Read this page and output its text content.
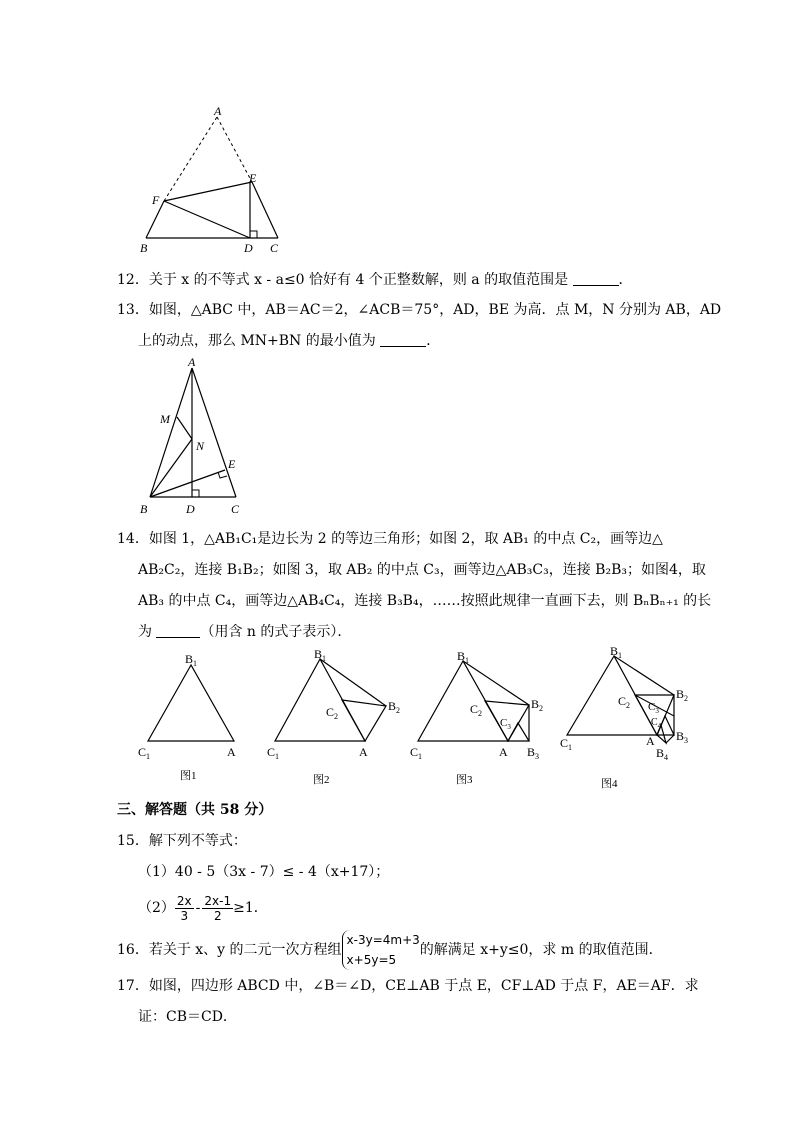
A
E
F
B	D C
12．关于 x 的不等式 x - a≤0 恰好有 4 个正整数解，则 a 的取值范围是	．
13．如图，△ABC 中，AB＝AC＝2，∠ACB＝75°，AD，BE 为高．点 M，N 分别为 AB，AD
上的动点，那么 MN+BN 的最小值为	．
A
M
N
E
B	D	C
14．如图 1，△AB₁C₁是边长为 2 的等边三角形；如图 2，取 AB₁ 的中点 C₂，画等边△
AB₂C₂，连接 B₁B₂；如图 3，取 AB₂ 的中点 C₃，画等边△AB₃C₃，连接 B₂B₃；如图4，取
AB₃ 的中点 C₄，画等边△AB₄C₄，连接 B₃B₄，……按照此规律一直画下去，则 BₙBₙ₊₁ 的长
为	（用含 n 的式子表示）．
$B_1$
$C_1$	A
图1
$B_1$
$B_2$
$C_2$
$C_1$	A
图2
$B_1$
$B_2$
$C_2$
$C_3$
$C_1$	A $B_3$
图3
$B_1$
$B_2$
$C_2$ $C_3$
$C_4$
$B_3$
$C_1$	A
$B_4$
图4
三、解答题（共 58 分）
15．解下列不等式：
（1）40 - 5（3x - 7）≤ - 4（x+17）；
$(2) \frac{2x}{3} - \frac{2x-1}{2} \ge 1$．
16． 若关于 x、y 的二元一次方程组
x-3y=4m+3
x+5y=5
的解满足 x+y≤0，求 m 的取值范围．
17．如图，四边形 ABCD 中，∠B＝∠D，CE⊥AB 于点 E，CF⊥AD 于点 F，AE＝AF．求
证：CB＝CD．
